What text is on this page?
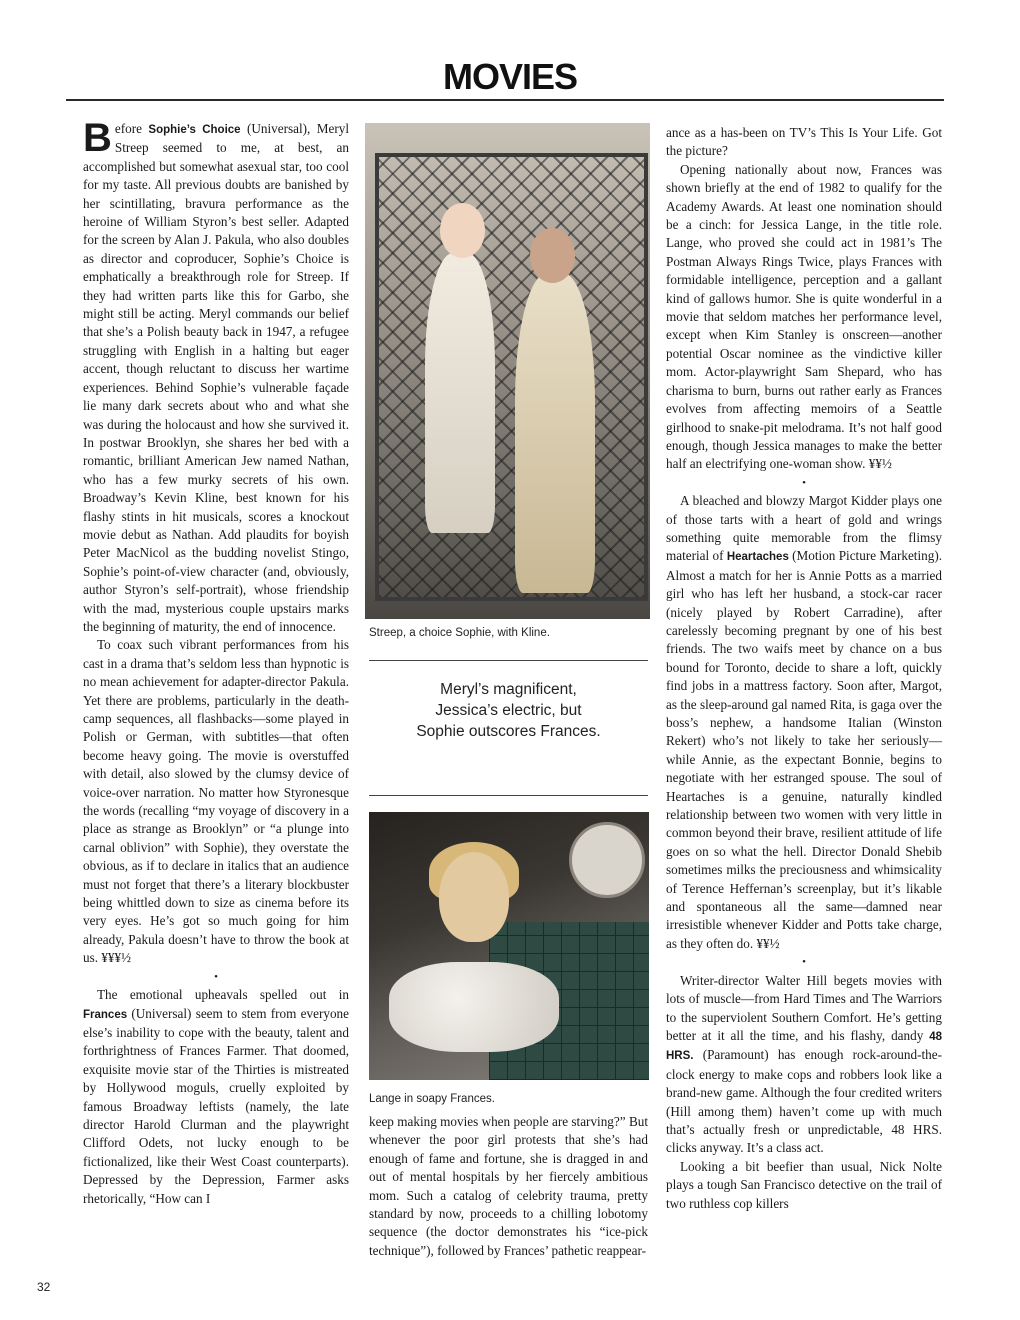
MOVIES

Before Sophie’s Choice (Universal), Meryl Streep seemed to me, at best, an accomplished but somewhat asexual star, too cool for my taste. All previous doubts are banished by her scintillating, bravura performance as the heroine of William Styron’s best seller. Adapted for the screen by Alan J. Pakula, who also doubles as director and coproducer, Sophie’s Choice is emphatically a breakthrough role for Streep. If they had written parts like this for Garbo, she might still be acting. Meryl commands our belief that she’s a Polish beauty back in 1947, a refugee struggling with English in a halting but eager accent, though reluctant to discuss her wartime experiences. Behind Sophie’s vulnerable façade lie many dark secrets about who and what she was during the holocaust and how she survived it. In postwar Brooklyn, she shares her bed with a romantic, brilliant American Jew named Nathan, who has a few murky secrets of his own. Broadway’s Kevin Kline, best known for his flashy stints in hit musicals, scores a knockout movie debut as Nathan. Add plaudits for boyish Peter MacNicol as the budding novelist Stingo, Sophie’s point-of-view character (and, obviously, author Styron’s self-portrait), whose friendship with the mad, mysterious couple upstairs marks the beginning of maturity, the end of innocence.

To coax such vibrant performances from his cast in a drama that’s seldom less than hypnotic is no mean achievement for adapter-director Pakula. Yet there are problems, particularly in the death-camp sequences, all flashbacks—some played in Polish or German, with subtitles—that often become heavy going. The movie is overstuffed with detail, also slowed by the clumsy device of voice-over narration. No matter how Styronesque the words (recalling “my voyage of discovery in a place as strange as Brooklyn” or “a plunge into carnal oblivion” with Sophie), they overstate the obvious, as if to declare in italics that an audience must not forget that there’s a literary blockbuster being whittled down to size as cinema before its very eyes. He’s got so much going for him already, Pakula doesn’t have to throw the book at us. ¥¥¥½

•

The emotional upheavals spelled out in Frances (Universal) seem to stem from everyone else’s inability to cope with the beauty, talent and forthrightness of Frances Farmer. That doomed, exquisite movie star of the Thirties is mistreated by Hollywood moguls, cruelly exploited by famous Broadway leftists (namely, the late director Harold Clurman and the playwright Clifford Odets, not lucky enough to be fictionalized, like their West Coast counterparts). Depressed by the Depression, Farmer asks rhetorically, “How can I

Streep, a choice Sophie, with Kline.
Meryl’s magnificent,
Jessica’s electric, but
Sophie outscores Frances.
Lange in soapy Frances.

keep making movies when people are starving?” But whenever the poor girl protests that she’s had enough of fame and fortune, she is dragged in and out of mental hospitals by her fiercely ambitious mom. Such a catalog of celebrity trauma, pretty standard by now, proceeds to a chilling lobotomy sequence (the doctor demonstrates his “ice-pick technique”), followed by Frances’ pathetic reappear-

ance as a has-been on TV’s This Is Your Life. Got the picture?

Opening nationally about now, Frances was shown briefly at the end of 1982 to qualify for the Academy Awards. At least one nomination should be a cinch: for Jessica Lange, in the title role. Lange, who proved she could act in 1981’s The Postman Always Rings Twice, plays Frances with formidable intelligence, perception and a gallant kind of gallows humor. She is quite wonderful in a movie that seldom matches her performance level, except when Kim Stanley is onscreen—another potential Oscar nominee as the vindictive killer mom. Actor-playwright Sam Shepard, who has charisma to burn, burns out rather early as Frances evolves from affecting memoirs of a Seattle girlhood to snake-pit melodrama. It’s not half good enough, though Jessica manages to make the better half an electrifying one-woman show. ¥¥½

•

A bleached and blowzy Margot Kidder plays one of those tarts with a heart of gold and wrings something quite memorable from the flimsy material of Heartaches (Motion Picture Marketing). Almost a match for her is Annie Potts as a married girl who has left her husband, a stock-car racer (nicely played by Robert Carradine), after carelessly becoming pregnant by one of his best friends. The two waifs meet by chance on a bus bound for Toronto, decide to share a loft, quickly find jobs in a mattress factory. Soon after, Margot, as the sleep-around gal named Rita, is gaga over the boss’s nephew, a handsome Italian (Winston Rekert) who’s not likely to take her seriously—while Annie, as the expectant Bonnie, begins to negotiate with her estranged spouse. The soul of Heartaches is a genuine, naturally kindled relationship between two women with very little in common beyond their brave, resilient attitude of life goes on so what the hell. Director Donald Shebib sometimes milks the preciousness and whimsicality of Terence Heffernan’s screenplay, but it’s likable and spontaneous all the same—damned near irresistible whenever Kidder and Potts take charge, as they often do. ¥¥½

•

Writer-director Walter Hill begets movies with lots of muscle—from Hard Times and The Warriors to the superviolent Southern Comfort. He’s getting better at it all the time, and his flashy, dandy 48 HRS. (Paramount) has enough rock-around-the-clock energy to make cops and robbers look like a brand-new game. Although the four credited writers (Hill among them) haven’t come up with much that’s actually fresh or unpredictable, 48 HRS. clicks anyway. It’s a class act.

Looking a bit beefier than usual, Nick Nolte plays a tough San Francisco detective on the trail of two ruthless cop killers

32
